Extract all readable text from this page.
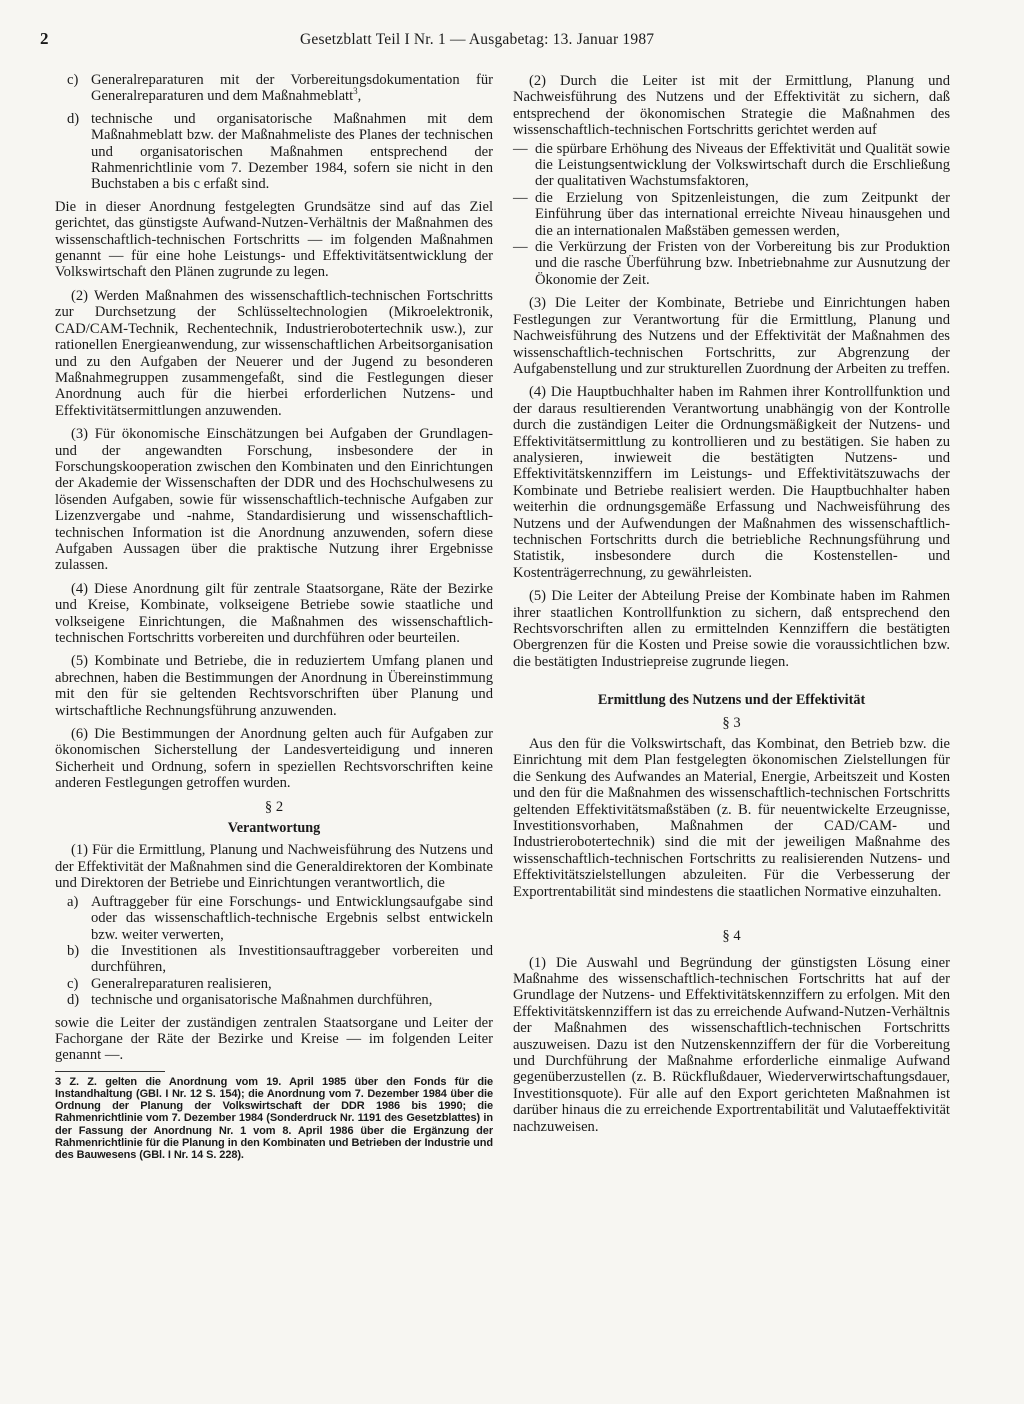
2	Gesetzblatt Teil I Nr. 1 — Ausgabetag: 13. Januar 1987
c) Generalreparaturen mit der Vorbereitungsdokumentation für Generalreparaturen und dem Maßnahmeblatt$^3$,
d) technische und organisatorische Maßnahmen mit dem Maßnahmeblatt bzw. der Maßnahmeliste des Planes der technischen und organisatorischen Maßnahmen entsprechend der Rahmenrichtlinie vom 7. Dezember 1984, sofern sie nicht in den Buchstaben a bis c erfaßt sind.

Die in dieser Anordnung festgelegten Grundsätze sind auf das Ziel gerichtet, das günstigste Aufwand-Nutzen-Verhältnis der Maßnahmen des wissenschaftlich-technischen Fortschritts — im folgenden Maßnahmen genannt — für eine hohe Leistungs- und Effektivitätsentwicklung der Volkswirtschaft den Plänen zugrunde zu legen.

(2) Werden Maßnahmen des wissenschaftlich-technischen Fortschritts zur Durchsetzung der Schlüsseltechnologien (Mikroelektronik, CAD/CAM-Technik, Rechentechnik, Industrierobotertechnik usw.), zur rationellen Energieanwendung, zur wissenschaftlichen Arbeitsorganisation und zu den Aufgaben der Neuerer und der Jugend zu besonderen Maßnahmegruppen zusammengefaßt, sind die Festlegungen dieser Anordnung auch für die hierbei erforderlichen Nutzens- und Effektivitätsermittlungen anzuwenden.

(3) Für ökonomische Einschätzungen bei Aufgaben der Grundlagen- und der angewandten Forschung, insbesondere der in Forschungskooperation zwischen den Kombinaten und den Einrichtungen der Akademie der Wissenschaften der DDR und des Hochschulwesens zu lösenden Aufgaben, sowie für wissenschaftlich-technische Aufgaben zur Lizenzvergabe und -nahme, Standardisierung und wissenschaftlich-technischen Information ist die Anordnung anzuwenden, sofern diese Aufgaben Aussagen über die praktische Nutzung ihrer Ergebnisse zulassen.

(4) Diese Anordnung gilt für zentrale Staatsorgane, Räte der Bezirke und Kreise, Kombinate, volkseigene Betriebe sowie staatliche und volkseigene Einrichtungen, die Maßnahmen des wissenschaftlich-technischen Fortschritts vorbereiten und durchführen oder beurteilen.

(5) Kombinate und Betriebe, die in reduziertem Umfang planen und abrechnen, haben die Bestimmungen der Anordnung in Übereinstimmung mit den für sie geltenden Rechtsvorschriften über Planung und wirtschaftliche Rechnungsführung anzuwenden.

(6) Die Bestimmungen der Anordnung gelten auch für Aufgaben zur ökonomischen Sicherstellung der Landesverteidigung und inneren Sicherheit und Ordnung, sofern in speziellen Rechtsvorschriften keine anderen Festlegungen getroffen wurden.

§ 2
Verantwortung

(1) Für die Ermittlung, Planung und Nachweisführung des Nutzens und der Effektivität der Maßnahmen sind die Generaldirektoren der Kombinate und Direktoren der Betriebe und Einrichtungen verantwortlich, die

a) Auftraggeber für eine Forschungs- und Entwicklungsaufgabe sind oder das wissenschaftlich-technische Ergebnis selbst entwickeln bzw. weiter verwerten,
b) die Investitionen als Investitionsauftraggeber vorbereiten und durchführen,
c) Generalreparaturen realisieren,
d) technische und organisatorische Maßnahmen durchführen,

sowie die Leiter der zuständigen zentralen Staatsorgane und Leiter der Fachorgane der Räte der Bezirke und Kreise — im folgenden Leiter genannt —.

3 Z. Z. gelten die Anordnung vom 19. April 1985 über den Fonds für die Instandhaltung (GBl. I Nr. 12 S. 154); die Anordnung vom 7. Dezember 1984 über die Ordnung der Planung der Volkswirtschaft der DDR 1986 bis 1990; die Rahmenrichtlinie vom 7. Dezember 1984 (Sonderdruck Nr. 1191 des Gesetzblattes) in der Fassung der Anordnung Nr. 1 vom 8. April 1986 über die Ergänzung der Rahmenrichtlinie für die Planung in den Kombinaten und Betrieben der Industrie und des Bauwesens (GBl. I Nr. 14 S. 228).

(2) Durch die Leiter ist mit der Ermittlung, Planung und Nachweisführung des Nutzens und der Effektivität zu sichern, daß entsprechend der ökonomischen Strategie die Maßnahmen des wissenschaftlich-technischen Fortschritts gerichtet werden auf

— die spürbare Erhöhung des Niveaus der Effektivität und Qualität sowie die Leistungsentwicklung der Volkswirtschaft durch die Erschließung der qualitativen Wachstumsfaktoren,
— die Erzielung von Spitzenleistungen, die zum Zeitpunkt der Einführung über das international erreichte Niveau hinausgehen und die an internationalen Maßstäben gemessen werden,
— die Verkürzung der Fristen von der Vorbereitung bis zur Produktion und die rasche Überführung bzw. Inbetriebnahme zur Ausnutzung der Ökonomie der Zeit.

(3) Die Leiter der Kombinate, Betriebe und Einrichtungen haben Festlegungen zur Verantwortung für die Ermittlung, Planung und Nachweisführung des Nutzens und der Effektivität der Maßnahmen des wissenschaftlich-technischen Fortschritts, zur Abgrenzung der Aufgabenstellung und zur strukturellen Zuordnung der Arbeiten zu treffen.

(4) Die Hauptbuchhalter haben im Rahmen ihrer Kontrollfunktion und der daraus resultierenden Verantwortung unabhängig von der Kontrolle durch die zuständigen Leiter die Ordnungsmäßigkeit der Nutzens- und Effektivitätsermittlung zu kontrollieren und zu bestätigen. Sie haben zu analysieren, inwieweit die bestätigten Nutzens- und Effektivitätskennziffern im Leistungs- und Effektivitätszuwachs der Kombinate und Betriebe realisiert werden. Die Hauptbuchhalter haben weiterhin die ordnungsgemäße Erfassung und Nachweisführung des Nutzens und der Aufwendungen der Maßnahmen des wissenschaftlich-technischen Fortschritts durch die betriebliche Rechnungsführung und Statistik, insbesondere durch die Kostenstellen- und Kostenträgerrechnung, zu gewährleisten.

(5) Die Leiter der Abteilung Preise der Kombinate haben im Rahmen ihrer staatlichen Kontrollfunktion zu sichern, daß entsprechend den Rechtsvorschriften allen zu ermittelnden Kennziffern die bestätigten Obergrenzen für die Kosten und Preise sowie die voraussichtlichen bzw. die bestätigten Industriepreise zugrunde liegen.

Ermittlung des Nutzens und der Effektivität
§ 3

Aus den für die Volkswirtschaft, das Kombinat, den Betrieb bzw. die Einrichtung mit dem Plan festgelegten ökonomischen Zielstellungen für die Senkung des Aufwandes an Material, Energie, Arbeitszeit und Kosten und den für die Maßnahmen des wissenschaftlich-technischen Fortschritts geltenden Effektivitätsmaßstäben (z. B. für neuentwickelte Erzeugnisse, Investitionsvorhaben, Maßnahmen der CAD/CAM- und Industrierobotertechnik) sind die mit der jeweiligen Maßnahme des wissenschaftlich-technischen Fortschritts zu realisierenden Nutzens- und Effektivitätszielstellungen abzuleiten. Für die Verbesserung der Exportrentabilität sind mindestens die staatlichen Normative einzuhalten.

§ 4

(1) Die Auswahl und Begründung der günstigsten Lösung einer Maßnahme des wissenschaftlich-technischen Fortschritts hat auf der Grundlage der Nutzens- und Effektivitätskennziffern zu erfolgen. Mit den Effektivitätskennziffern ist das zu erreichende Aufwand-Nutzen-Verhältnis der Maßnahmen des wissenschaftlich-technischen Fortschritts auszuweisen. Dazu ist den Nutzenskennziffern der für die Vorbereitung und Durchführung der Maßnahme erforderliche einmalige Aufwand gegenüberzustellen (z. B. Rückflußdauer, Wiederverwirtschaftungsdauer, Investitionsquote). Für alle auf den Export gerichteten Maßnahmen ist darüber hinaus die zu erreichende Exportrentabilität und Valutaeffektivität nachzuweisen.
